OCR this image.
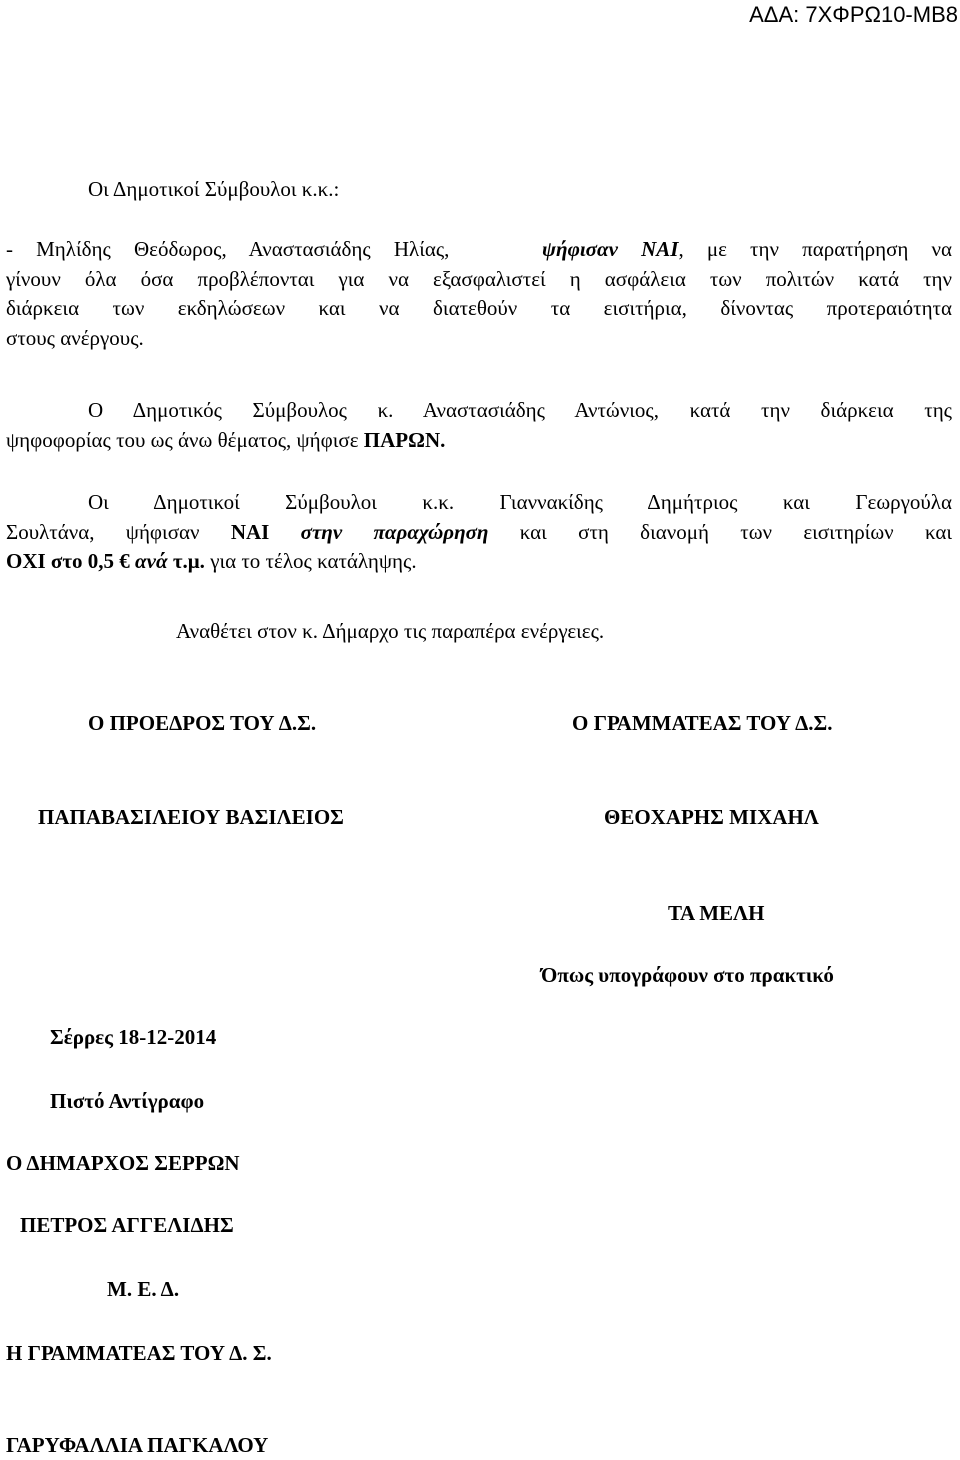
ΑΔΑ: 7ΧΦΡΩ10-ΜΒ8
Οι Δημοτικοί Σύμβουλοι κ.κ.:
- Μηλίδης Θεόδωρος, Αναστασιάδης Ηλίας,	ψήφισαν ΝΑΙ, με την παρατήρηση να
γίνουν όλα όσα προβλέπονται για να εξασφαλιστεί η ασφάλεια των πολιτών κατά την
διάρκεια των εκδηλώσεων και να διατεθούν τα εισιτήρια, δίνοντας προτεραιότητα
στους ανέργους.
Ο Δημοτικός Σύμβουλος κ. Αναστασιάδης Αντώνιος, κατά την διάρκεια της
ψηφοφορίας του ως άνω θέματος, ψήφισε ΠΑΡΩΝ.
Οι Δημοτικοί Σύμβουλοι κ.κ. Γιαννακίδης Δημήτριος και Γεωργούλα
Σουλτάνα, ψήφισαν ΝΑΙ στην παραχώρηση και στη διανομή των εισιτηρίων και
ΟΧΙ στο 0,5 € ανά τ.μ. για το τέλος κατάληψης.
Αναθέτει στον κ. Δήμαρχο τις παραπέρα ενέργειες.
Ο ΠΡΟΕΔΡΟΣ ΤΟΥ Δ.Σ.	Ο ΓΡΑΜΜΑΤΕΑΣ ΤΟΥ Δ.Σ.
ΠΑΠΑΒΑΣΙΛΕΙΟΥ ΒΑΣΙΛΕΙΟΣ	ΘΕΟΧΑΡΗΣ ΜΙΧΑΗΛ
ΤΑ ΜΕΛΗ
Όπως υπογράφουν στο πρακτικό
Σέρρες 18-12-2014
Πιστό Αντίγραφο
Ο ΔΗΜΑΡΧΟΣ ΣΕΡΡΩΝ
ΠΕΤΡΟΣ ΑΓΓΕΛΙΔΗΣ
Μ. Ε. Δ.
Η ΓΡΑΜΜΑΤΕΑΣ ΤΟΥ Δ. Σ.
ΓΑΡΥΦΑΛΛΙΑ ΠΑΓΚΑΛΟΥ
